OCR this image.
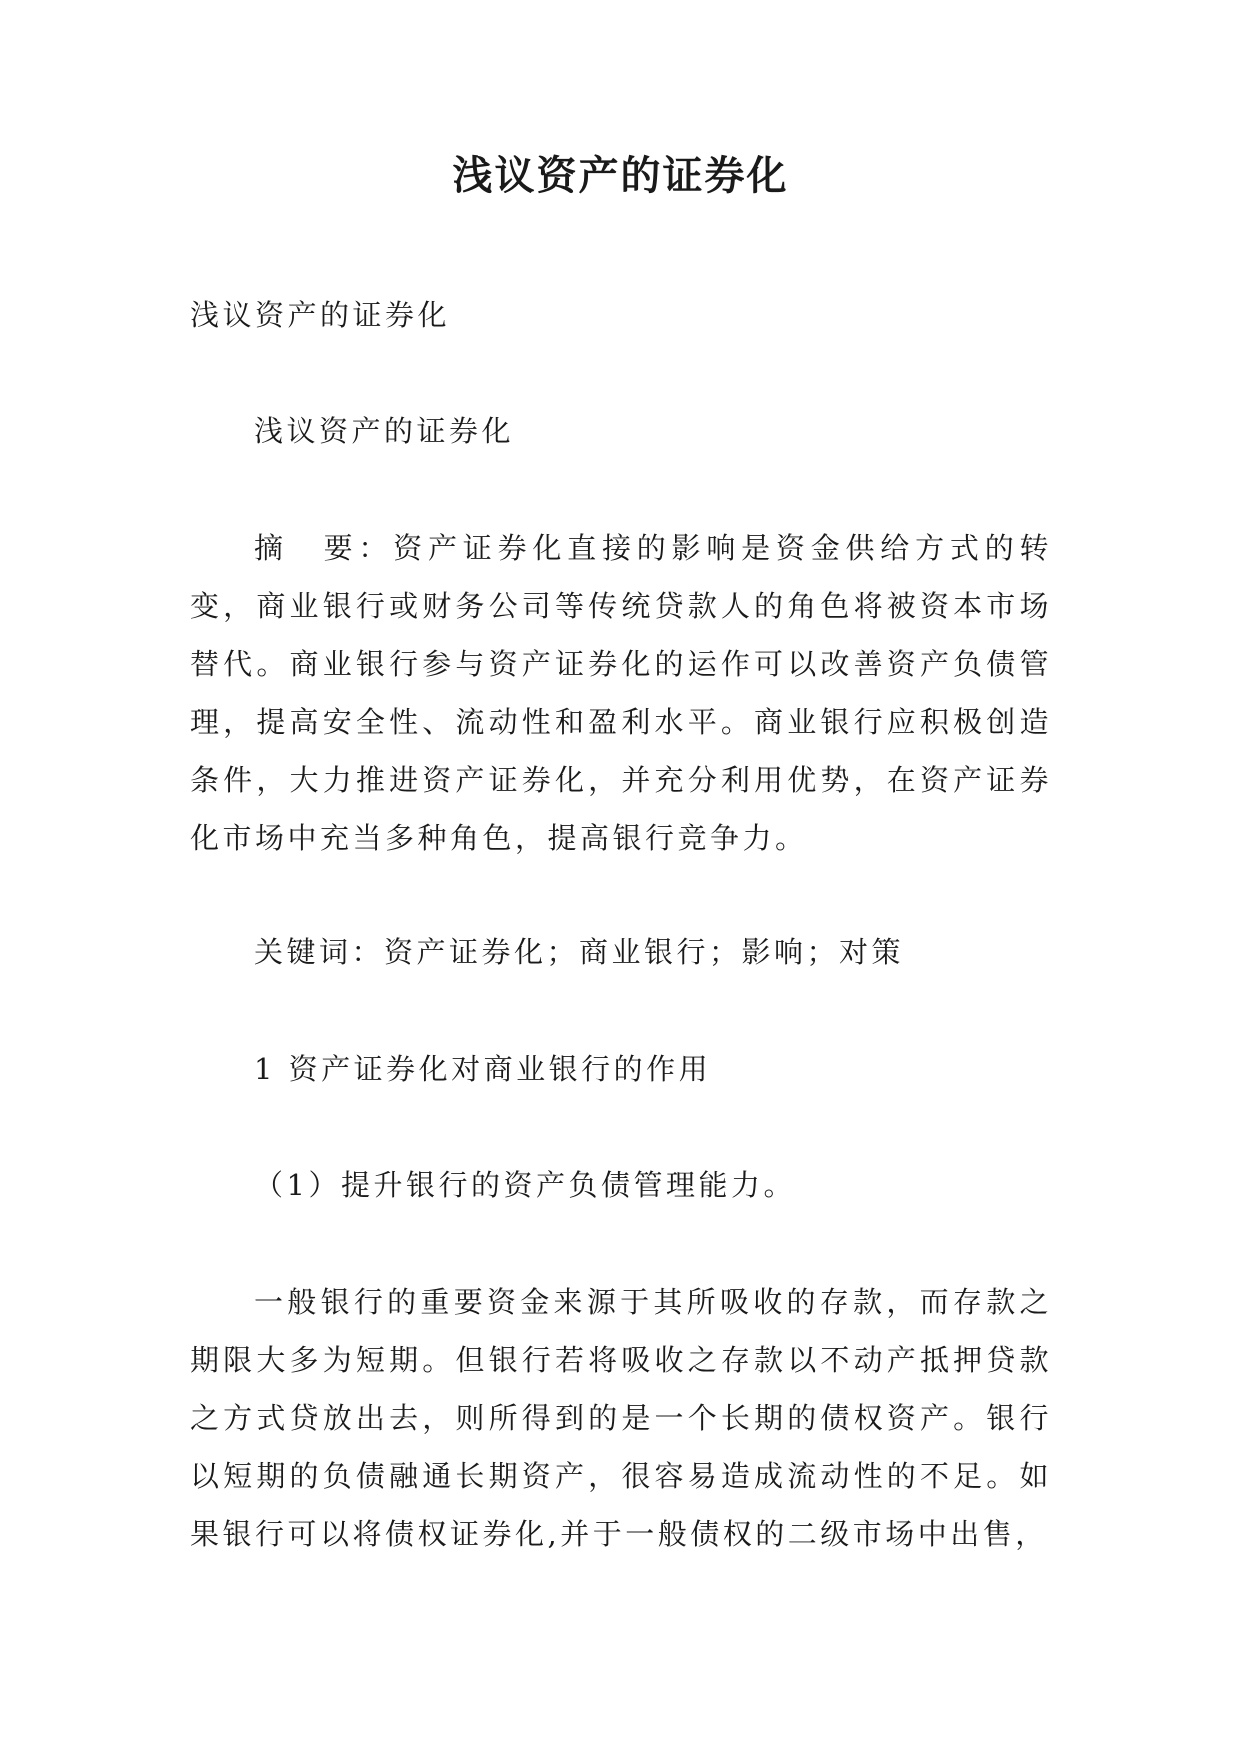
浅议资产的证券化

浅议资产的证券化

浅议资产的证券化

摘　要：资产证券化直接的影响是资金供给方式的转变，商业银行或财务公司等传统贷款人的角色将被资本市场替代。商业银行参与资产证券化的运作可以改善资产负债管理，提高安全性、流动性和盈利水平。商业银行应积极创造条件，大力推进资产证券化，并充分利用优势，在资产证券化市场中充当多种角色，提高银行竞争力。

关键词：资产证券化；商业银行；影响；对策

1 资产证券化对商业银行的作用

（1）提升银行的资产负债管理能力。

一般银行的重要资金来源于其所吸收的存款，而存款之期限大多为短期。但银行若将吸收之存款以不动产抵押贷款之方式贷放出去，则所得到的是一个长期的债权资产。银行以短期的负债融通长期资产，很容易造成流动性的不足。如果银行可以将债权证券化,并于一般债权的二级市场中出售，
